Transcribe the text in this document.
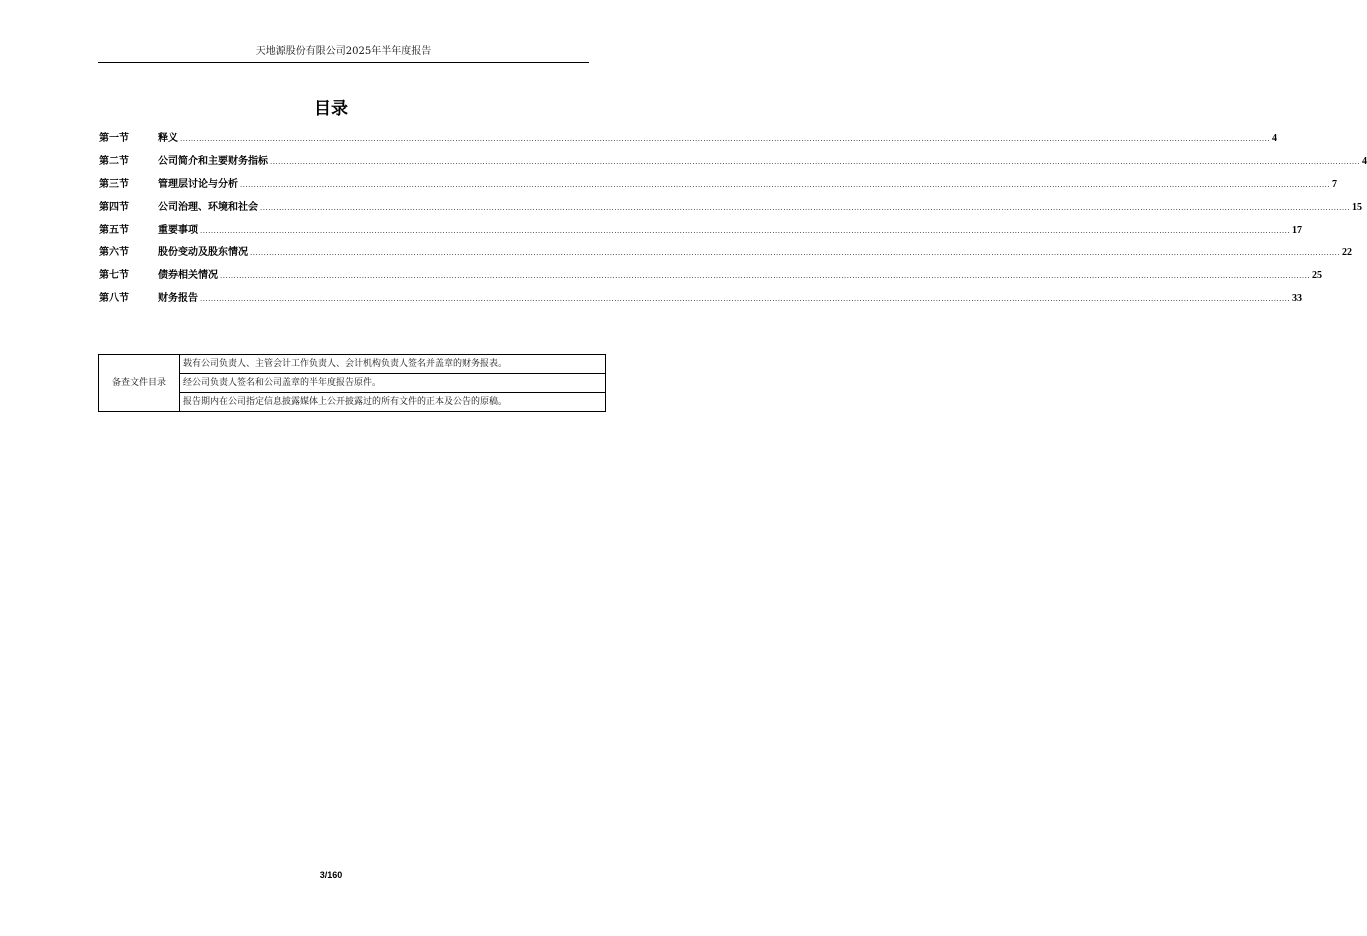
天地源股份有限公司2025年半年度报告
目录
第一节	释义 ................................................................................................................................................................................................................................................................................................................................................................................................................ 4
第二节	公司简介和主要财务指标 ................................................................................................................................................................................................................................................................................................................................................................................................................ 4
第三节	管理层讨论与分析 ................................................................................................................................................................................................................................................................................................................................................................................................................ 7
第四节	公司治理、环境和社会 ................................................................................................................................................................................................................................................................................................................................................................................................................ 15
第五节	重要事项 ................................................................................................................................................................................................................................................................................................................................................................................................................ 17
第六节	股份变动及股东情况 ................................................................................................................................................................................................................................................................................................................................................................................................................ 22
第七节	债券相关情况 ................................................................................................................................................................................................................................................................................................................................................................................................................ 25
第八节	财务报告 ................................................................................................................................................................................................................................................................................................................................................................................................................ 33
备查文件目录	载有公司负责人、主管会计工作负责人、会计机构负责人签名并盖章的财务报表。
经公司负责人签名和公司盖章的半年度报告原件。
报告期内在公司指定信息披露媒体上公开披露过的所有文件的正本及公告的原稿。
3/160
